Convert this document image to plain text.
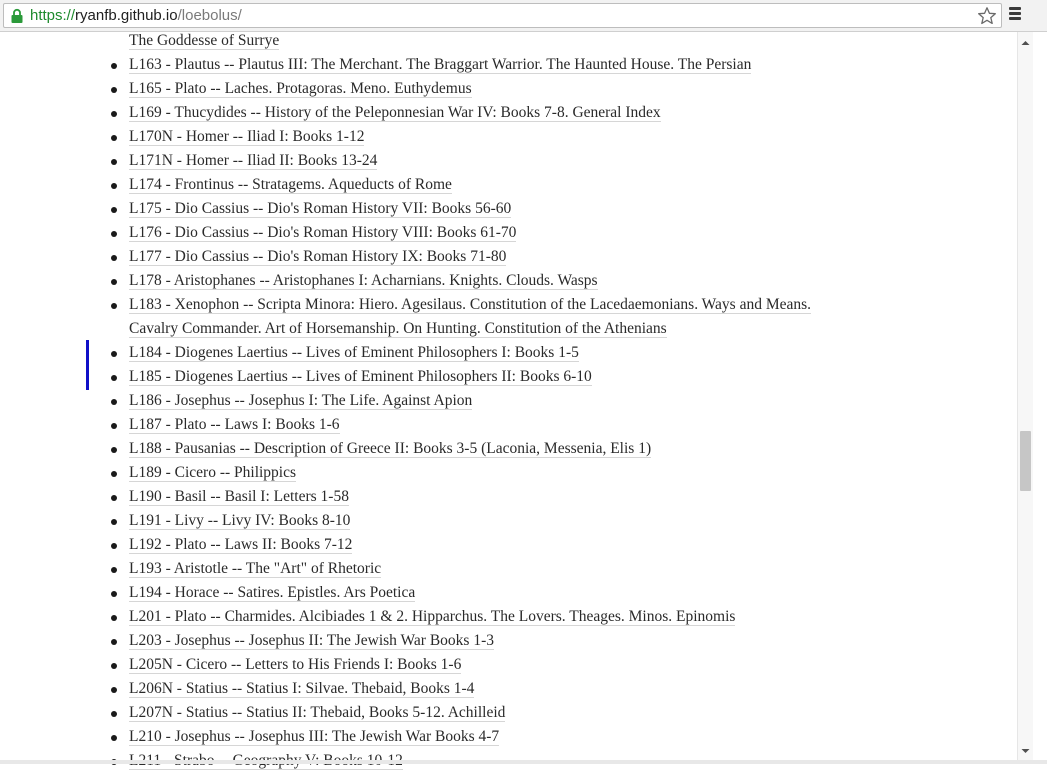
https://ryanfb.github.io/loebolus/
The Goddesse of Surrye
L163 - Plautus -- Plautus III: The Merchant. The Braggart Warrior. The Haunted House. The Persian
L165 - Plato -- Laches. Protagoras. Meno. Euthydemus
L169 - Thucydides -- History of the Peleponnesian War IV: Books 7-8. General Index
L170N - Homer -- Iliad I: Books 1-12
L171N - Homer -- Iliad II: Books 13-24
L174 - Frontinus -- Stratagems. Aqueducts of Rome
L175 - Dio Cassius -- Dio's Roman History VII: Books 56-60
L176 - Dio Cassius -- Dio's Roman History VIII: Books 61-70
L177 - Dio Cassius -- Dio's Roman History IX: Books 71-80
L178 - Aristophanes -- Aristophanes I: Acharnians. Knights. Clouds. Wasps
L183 - Xenophon -- Scripta Minora: Hiero. Agesilaus. Constitution of the Lacedaemonians. Ways and Means. Cavalry Commander. Art of Horsemanship. On Hunting. Constitution of the Athenians
L184 - Diogenes Laertius -- Lives of Eminent Philosophers I: Books 1-5
L185 - Diogenes Laertius -- Lives of Eminent Philosophers II: Books 6-10
L186 - Josephus -- Josephus I: The Life. Against Apion
L187 - Plato -- Laws I: Books 1-6
L188 - Pausanias -- Description of Greece II: Books 3-5 (Laconia, Messenia, Elis 1)
L189 - Cicero -- Philippics
L190 - Basil -- Basil I: Letters 1-58
L191 - Livy -- Livy IV: Books 8-10
L192 - Plato -- Laws II: Books 7-12
L193 - Aristotle -- The "Art" of Rhetoric
L194 - Horace -- Satires. Epistles. Ars Poetica
L201 - Plato -- Charmides. Alcibiades 1 & 2. Hipparchus. The Lovers. Theages. Minos. Epinomis
L203 - Josephus -- Josephus II: The Jewish War Books 1-3
L205N - Cicero -- Letters to His Friends I: Books 1-6
L206N - Statius -- Statius I: Silvae. Thebaid, Books 1-4
L207N - Statius -- Statius II: Thebaid, Books 5-12. Achilleid
L210 - Josephus -- Josephus III: The Jewish War Books 4-7
